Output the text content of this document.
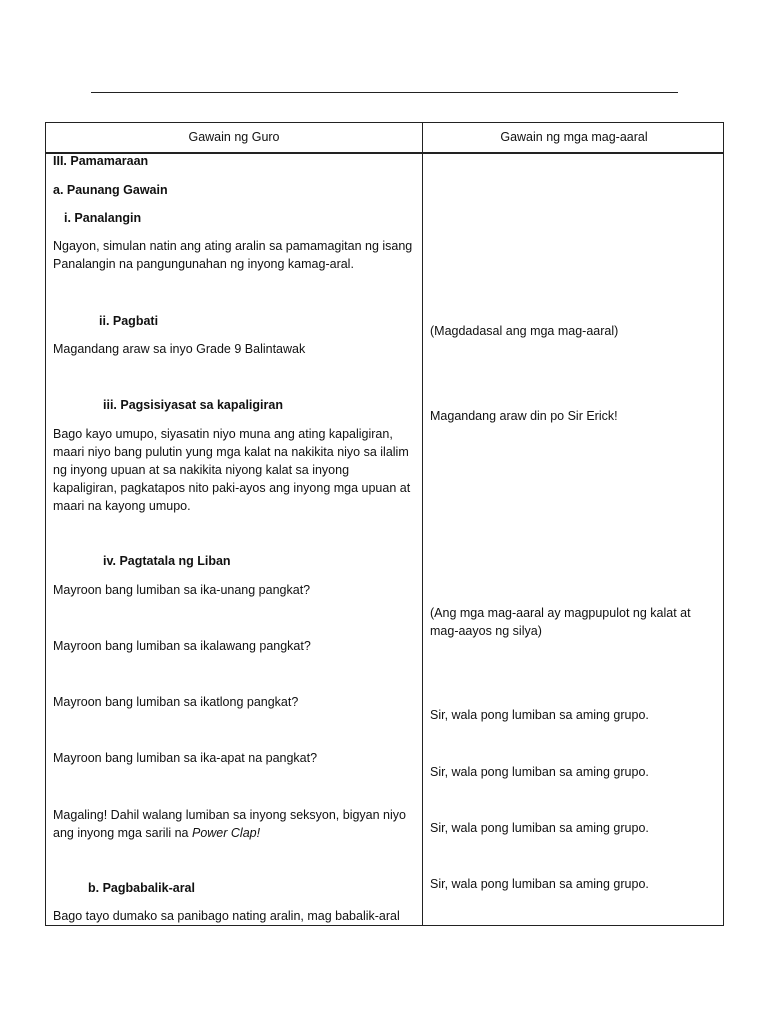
Gawain ng Guro	Gawain ng mga mag-aaral
III. Pamamaraan
a. Paunang Gawain
i. Panalangin
Ngayon, simulan natin ang ating aralin sa pamamagitan ng isang
Panalangin na pangungunahan ng inyong kamag-aral.
ii. Pagbati
Magandang araw sa inyo Grade 9 Balintawak
iii. Pagsisiyasat sa kapaligiran
Bago kayo umupo, siyasatin niyo muna ang ating kapaligiran,
maari niyo bang pulutin yung mga kalat na nakikita niyo sa ilalim
ng inyong upuan at sa nakikita niyong kalat sa inyong
kapaligiran, pagkatapos nito paki-ayos ang inyong mga upuan at
maari na kayong umupo.
iv. Pagtatala ng Liban
Mayroon bang lumiban sa ika-unang pangkat?
Mayroon bang lumiban sa ikalawang pangkat?
Mayroon bang lumiban sa ikatlong pangkat?
Mayroon bang lumiban sa ika-apat na pangkat?
Magaling! Dahil walang lumiban sa inyong seksyon, bigyan niyo
ang inyong mga sarili na Power Clap!
b. Pagbabalik-aral
Bago tayo dumako sa panibago nating aralin, mag babalik-aral
(Magdadasal ang mga mag-aaral)
Magandang araw din po Sir Erick!
(Ang mga mag-aaral ay magpupulot ng kalat at
mag-aayos ng silya)
Sir, wala pong lumiban sa aming grupo.
Sir, wala pong lumiban sa aming grupo.
Sir, wala pong lumiban sa aming grupo.
Sir, wala pong lumiban sa aming grupo.
